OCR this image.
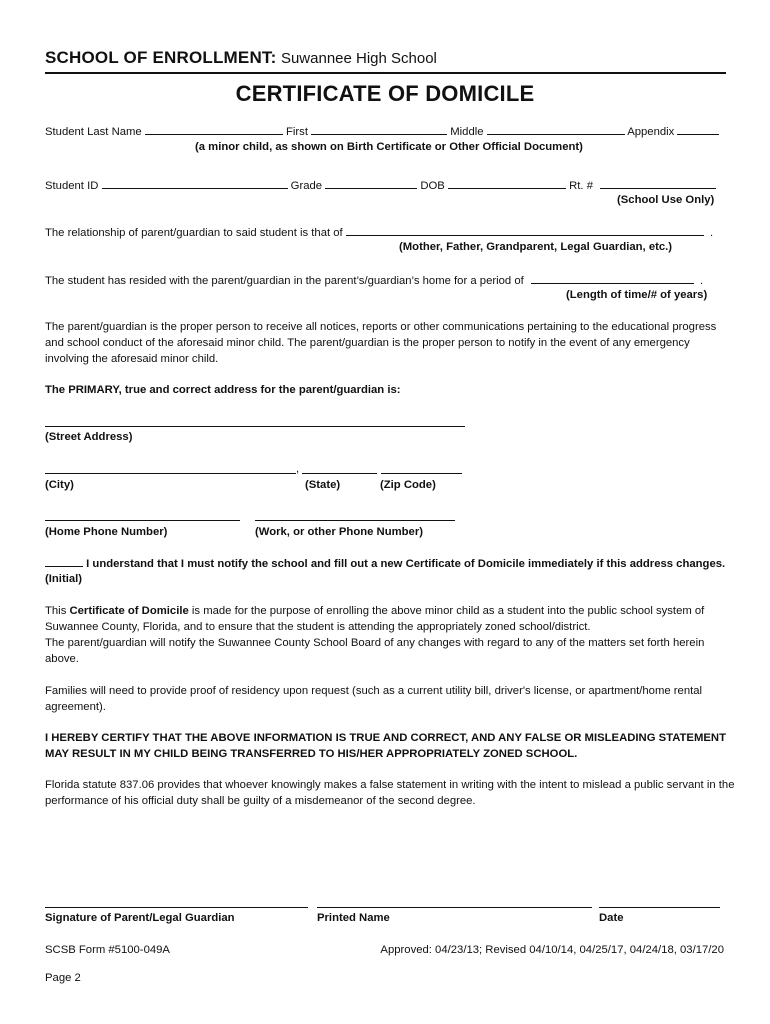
SCHOOL OF ENROLLMENT: Suwannee High School
CERTIFICATE OF DOMICILE
Student Last Name	First	Middle	Appendix
(a minor child, as shown on Birth Certificate or Other Official Document)
Student ID	Grade	DOB	Rt. #
(School Use Only)
The relationship of parent/guardian to said student is that of	.
(Mother, Father, Grandparent, Legal Guardian, etc.)
The student has resided with the parent/guardian in the parent’s/guardian’s home for a period of	.
(Length of time/# of years)
The parent/guardian is the proper person to receive all notices, reports or other communications pertaining to the educational progress and school conduct of the aforesaid minor child. The parent/guardian is the proper person to notify in the event of any emergency involving the aforesaid minor child.
The PRIMARY, true and correct address for the parent/guardian is:
(Street Address)
,
(City)	(State)	(Zip Code)
(Home Phone Number)	(Work, or other Phone Number)
I understand that I must notify the school and fill out a new Certificate of Domicile immediately if this address changes.
(Initial)
This Certificate of Domicile is made for the purpose of enrolling the above minor child as a student into the public school system of Suwannee County, Florida, and to ensure that the student is attending the appropriately zoned school/district.
The parent/guardian will notify the Suwannee County School Board of any changes with regard to any of the matters set forth herein above.
Families will need to provide proof of residency upon request (such as a current utility bill, driver's license, or apartment/home rental agreement).
I HEREBY CERTIFY THAT THE ABOVE INFORMATION IS TRUE AND CORRECT, AND ANY FALSE OR MISLEADING STATEMENT MAY RESULT IN MY CHILD BEING TRANSFERRED TO HIS/HER APPROPRIATELY ZONED SCHOOL.
Florida statute 837.06 provides that whoever knowingly makes a false statement in writing with the intent to mislead a public servant in the performance of his official duty shall be guilty of a misdemeanor of the second degree.
Signature of Parent/Legal Guardian	Printed Name	Date
SCSB Form #5100-049A	Approved: 04/23/13; Revised 04/10/14, 04/25/17, 04/24/18, 03/17/20
Page 2
